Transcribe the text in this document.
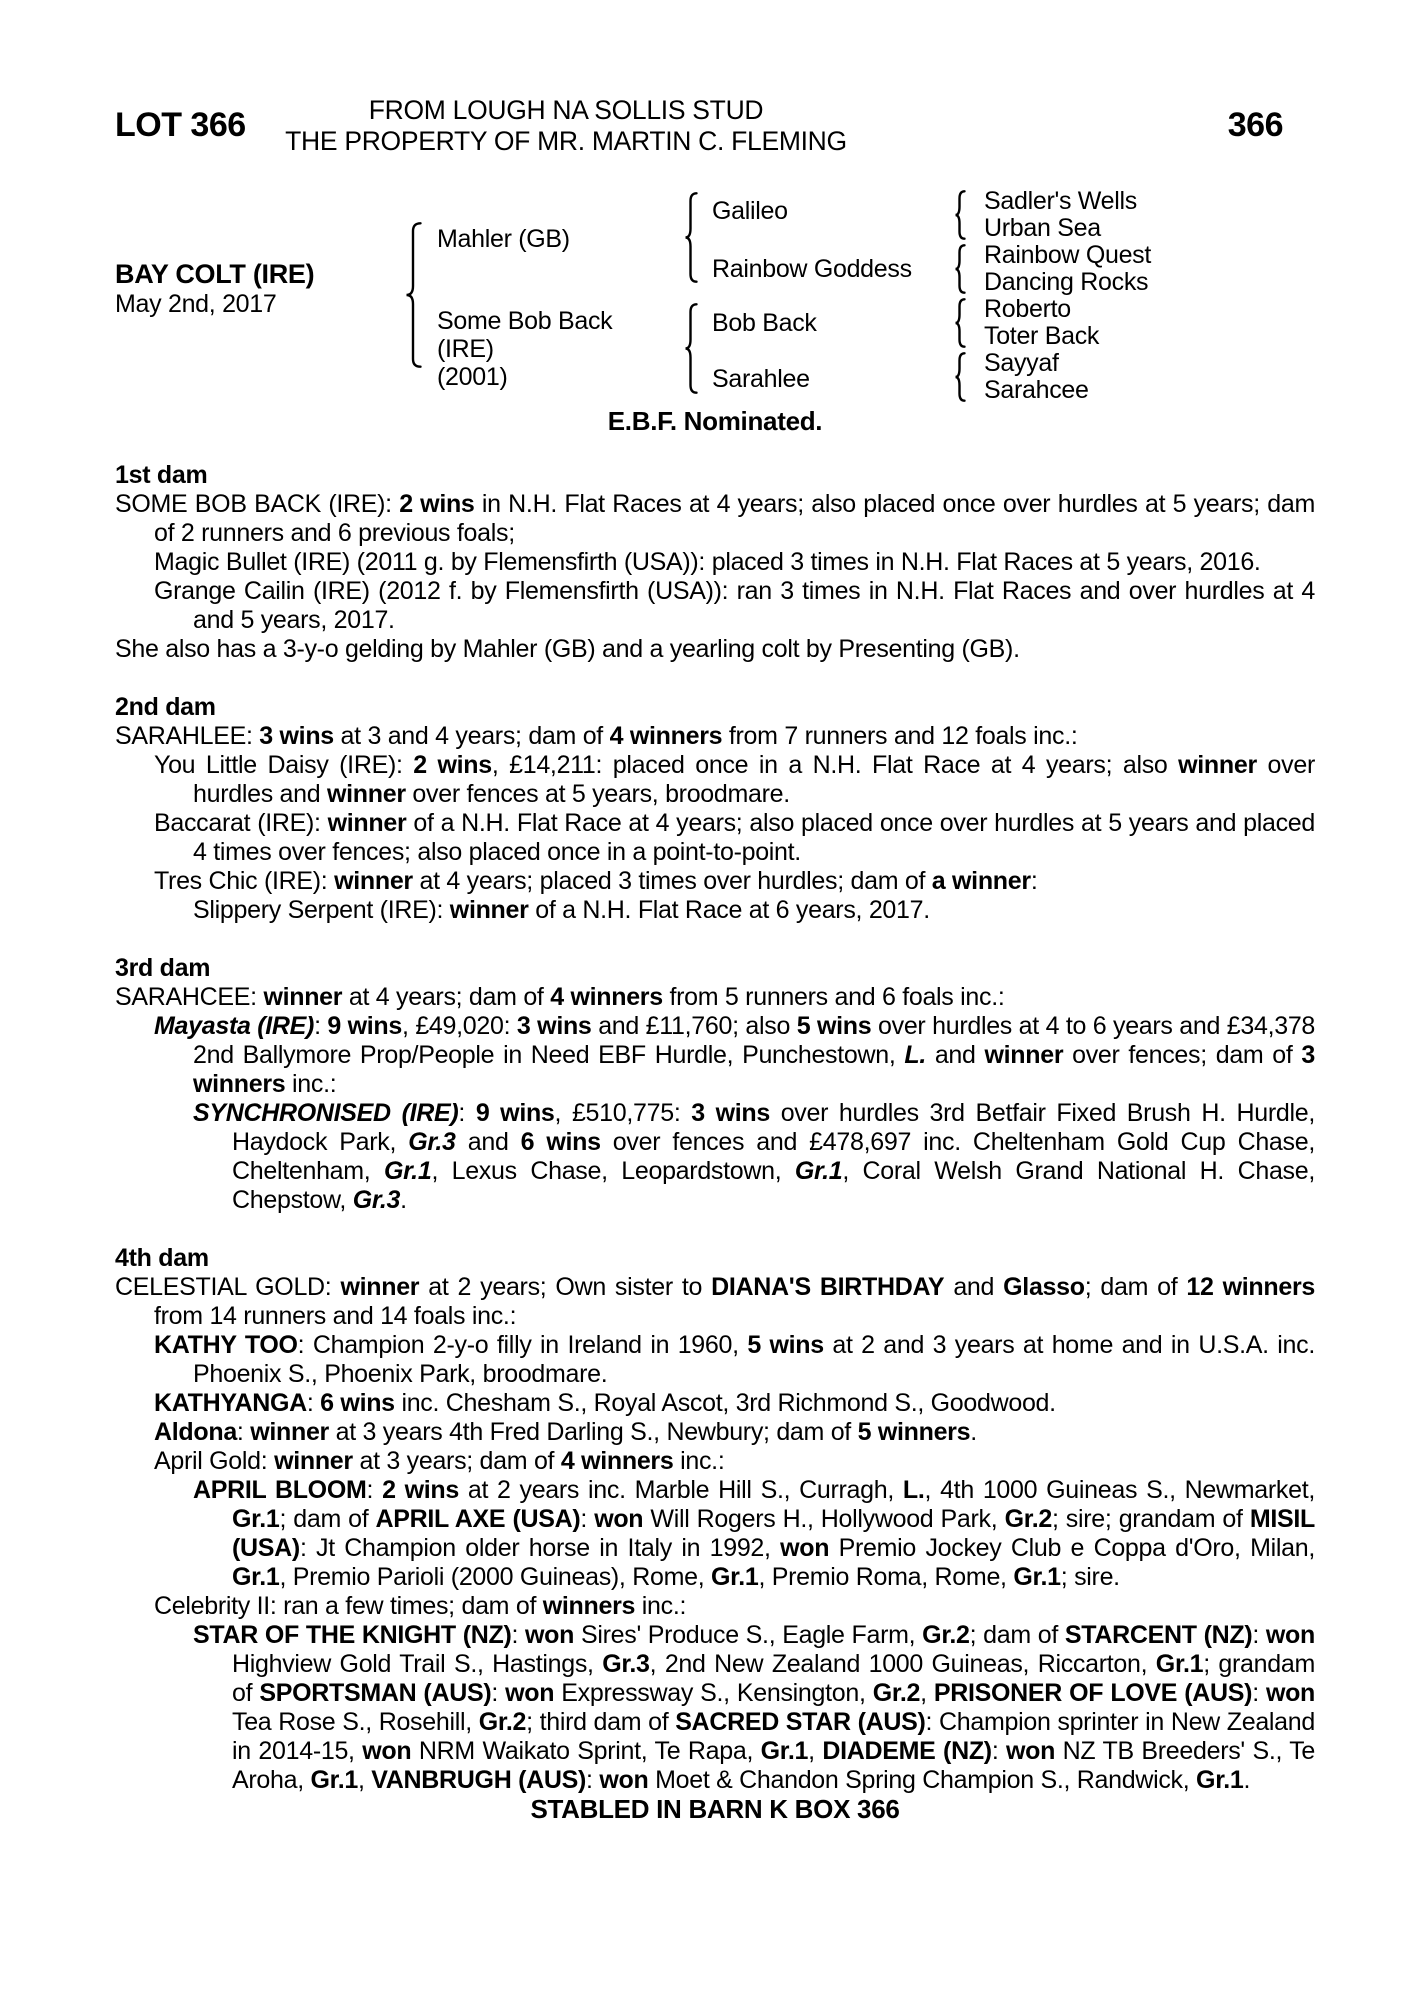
LOT 366	FROM LOUGH NA SOLLIS STUD
THE PROPERTY OF MR. MARTIN C. FLEMING	366
BAY COLT (IRE)
May 2nd, 2017
Mahler (GB)
Some Bob Back
(IRE)
(2001)
Galileo
Rainbow Goddess
Bob Back
Sarahlee
Sadler's Wells
Urban Sea
Rainbow Quest
Dancing Rocks
Roberto
Toter Back
Sayyaf
Sarahcee
E.B.F. Nominated.
1st dam

SOME BOB BACK (IRE): 2 wins in N.H. Flat Races at 4 years; also placed once over hurdles at 5 years; dam of 2 runners and 6 previous foals;

Magic Bullet (IRE) (2011 g. by Flemensfirth (USA)): placed 3 times in N.H. Flat Races at 5 years, 2016.

Grange Cailin (IRE) (2012 f. by Flemensfirth (USA)): ran 3 times in N.H. Flat Races and over hurdles at 4 and 5 years, 2017.

She also has a 3-y-o gelding by Mahler (GB) and a yearling colt by Presenting (GB).

2nd dam

SARAHLEE: 3 wins at 3 and 4 years; dam of 4 winners from 7 runners and 12 foals inc.:

You Little Daisy (IRE): 2 wins, £14,211: placed once in a N.H. Flat Race at 4 years; also winner over hurdles and winner over fences at 5 years, broodmare.

Baccarat (IRE): winner of a N.H. Flat Race at 4 years; also placed once over hurdles at 5 years and placed 4 times over fences; also placed once in a point-to-point.

Tres Chic (IRE): winner at 4 years; placed 3 times over hurdles; dam of a winner:

Slippery Serpent (IRE): winner of a N.H. Flat Race at 6 years, 2017.

3rd dam

SARAHCEE: winner at 4 years; dam of 4 winners from 5 runners and 6 foals inc.:

Mayasta (IRE): 9 wins, £49,020: 3 wins and £11,760; also 5 wins over hurdles at 4 to 6 years and £34,378 2nd Ballymore Prop/People in Need EBF Hurdle, Punchestown, L. and winner over fences; dam of 3 winners inc.:

SYNCHRONISED (IRE): 9 wins, £510,775: 3 wins over hurdles 3rd Betfair Fixed Brush H. Hurdle, Haydock Park, Gr.3 and 6 wins over fences and £478,697 inc. Cheltenham Gold Cup Chase, Cheltenham, Gr.1, Lexus Chase, Leopardstown, Gr.1, Coral Welsh Grand National H. Chase, Chepstow, Gr.3.

4th dam

CELESTIAL GOLD: winner at 2 years; Own sister to DIANA'S BIRTHDAY and Glasso; dam of 12 winners from 14 runners and 14 foals inc.:

KATHY TOO: Champion 2-y-o filly in Ireland in 1960, 5 wins at 2 and 3 years at home and in U.S.A. inc. Phoenix S., Phoenix Park, broodmare.

KATHYANGA: 6 wins inc. Chesham S., Royal Ascot, 3rd Richmond S., Goodwood.

Aldona: winner at 3 years 4th Fred Darling S., Newbury; dam of 5 winners.

April Gold: winner at 3 years; dam of 4 winners inc.:

APRIL BLOOM: 2 wins at 2 years inc. Marble Hill S., Curragh, L., 4th 1000 Guineas S., Newmarket, Gr.1; dam of APRIL AXE (USA): won Will Rogers H., Hollywood Park, Gr.2; sire; grandam of MISIL (USA): Jt Champion older horse in Italy in 1992, won Premio Jockey Club e Coppa d'Oro, Milan, Gr.1, Premio Parioli (2000 Guineas), Rome, Gr.1, Premio Roma, Rome, Gr.1; sire.

Celebrity II: ran a few times; dam of winners inc.:

STAR OF THE KNIGHT (NZ): won Sires' Produce S., Eagle Farm, Gr.2; dam of STARCENT (NZ): won Highview Gold Trail S., Hastings, Gr.3, 2nd New Zealand 1000 Guineas, Riccarton, Gr.1; grandam of SPORTSMAN (AUS): won Expressway S., Kensington, Gr.2, PRISONER OF LOVE (AUS): won Tea Rose S., Rosehill, Gr.2; third dam of SACRED STAR (AUS): Champion sprinter in New Zealand in 2014-15, won NRM Waikato Sprint, Te Rapa, Gr.1, DIADEME (NZ): won NZ TB Breeders' S., Te Aroha, Gr.1, VANBRUGH (AUS): won Moet & Chandon Spring Champion S., Randwick, Gr.1.

STABLED IN BARN K BOX 366
